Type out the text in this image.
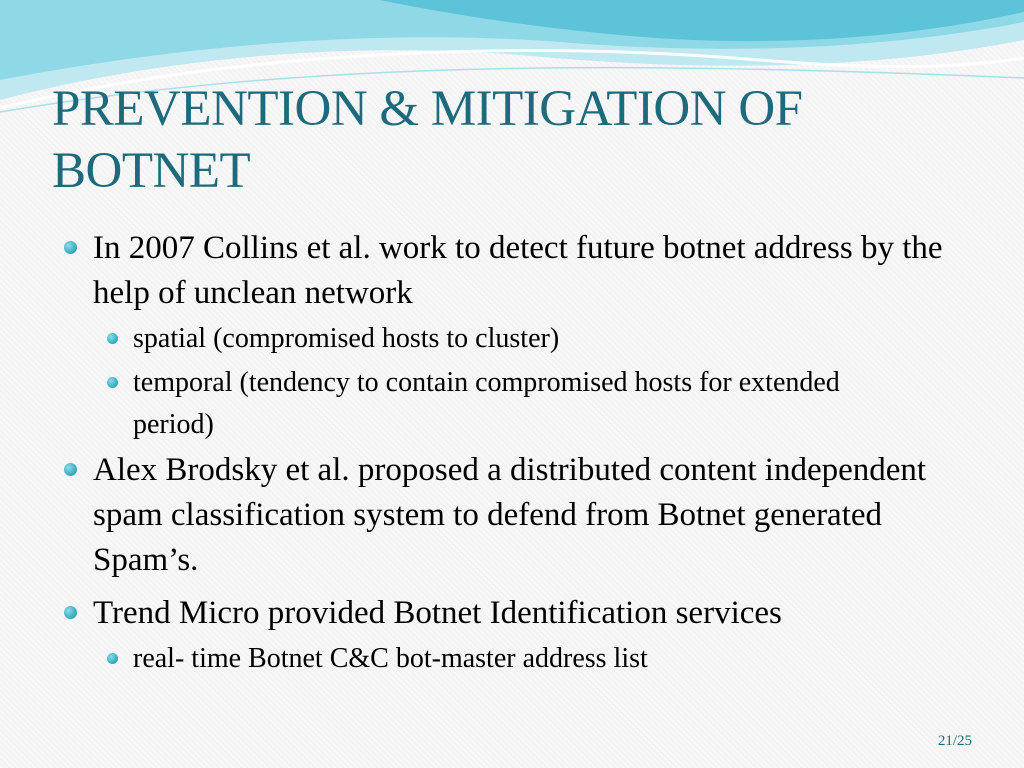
PREVENTION & MITIGATION OF BOTNET

In 2007 Collins et al. work to detect future botnet address by the help of unclean network

spatial (compromised hosts to cluster)

temporal (tendency to contain compromised hosts for extended period)

Alex Brodsky et al. proposed a distributed content independent spam classification system to defend from Botnet generated Spam’s.

Trend Micro provided Botnet Identification services

real- time Botnet C&C bot-master address list

21/25
